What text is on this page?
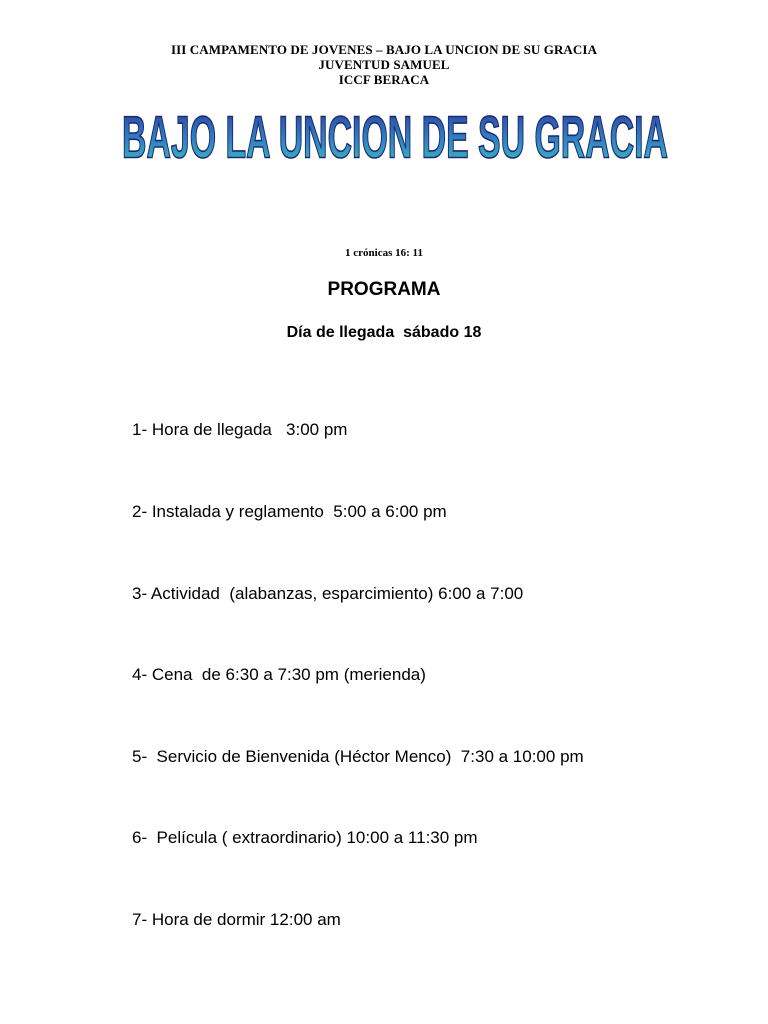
III CAMPAMENTO DE JOVENES – BAJO LA UNCION DE SU GRACIA
JUVENTUD SAMUEL
ICCF BERACA
BAJO LA UNCION DE SU GRACIA
1 crónicas 16: 11
PROGRAMA
Día de llegada  sábado 18

1- Hora de llegada   3:00 pm

2- Instalada y reglamento  5:00 a 6:00 pm

3- Actividad  (alabanzas, esparcimiento) 6:00 a 7:00

4- Cena  de 6:30 a 7:30 pm (merienda)

5-  Servicio de Bienvenida (Héctor Menco)  7:30 a 10:00 pm

6-  Película ( extraordinario) 10:00 a 11:30 pm

7- Hora de dormir 12:00 am
